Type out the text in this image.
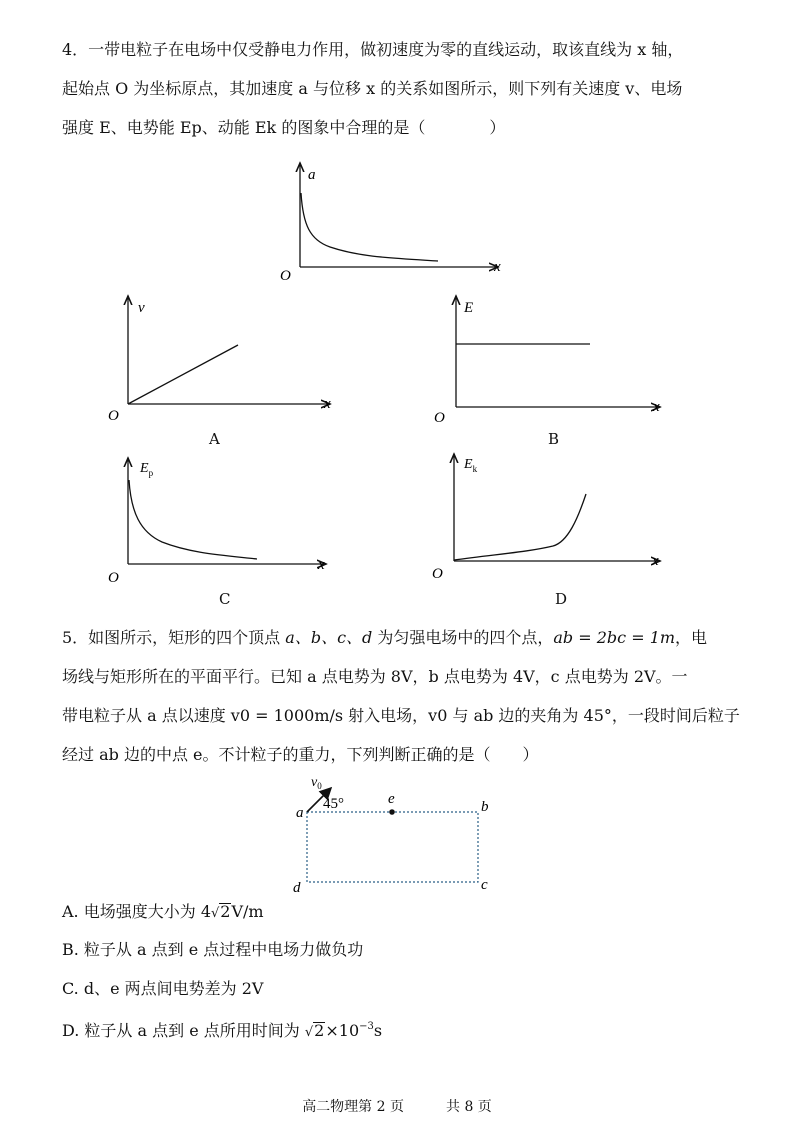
4．一带电粒子在电场中仅受静电力作用，做初速度为零的直线运动，取该直线为 x 轴，
起始点 O 为坐标原点，其加速度 a 与位移 x 的关系如图所示，则下列有关速度 v、电场
强度 E、电势能 Ep、动能 Ek 的图象中合理的是（　　　　）
a
x
O
v
x
O
A
E
x
O
B
$E_p$
x
O
C
$E_k$
x
O
D
5．如图所示，矩形的四个顶点 a、b、c、d 为匀强电场中的四个点，ab = 2bc = 1m，电
场线与矩形所在的平面平行。已知 a 点电势为 8V，b 点电势为 4V，c 点电势为 2V。一
带电粒子从 a 点以速度 v0 = 1000m/s 射入电场，v0 与 ab 边的夹角为 45°，一段时间后粒子
经过 ab 边的中点 e。不计粒子的重力，下列判断正确的是（　　）
$v_0$
45°
a
e	b
c
d
A. 电场强度大小为 4√2V/m
B. 粒子从 a 点到 e 点过程中电场力做负功
C. d、e 两点间电势差为 2V
D. 粒子从 a 点到 e 点所用时间为 $√2\times 10^{-3}s$
高二物理第 2 页　　　共 8 页
